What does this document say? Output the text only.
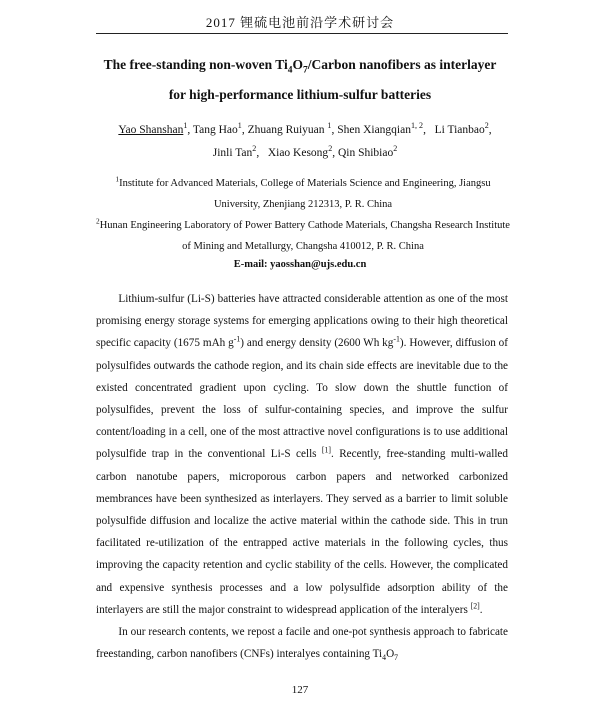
2017 锂硫电池前沿学术研讨会
The free-standing non-woven $Ti_4O_7$/Carbon nanofibers as interlayer
for high-performance lithium-sulfur batteries
Yao Shanshan$^1$, Tang Hao$^1$, Zhuang Ruiyuan $^1$, Shen Xiangqian$^{1, 2}$,   Li Tianbao$^2$,
Jinli Tan$^2$,   Xiao Kesong$^2$, Qin Shibiao$^2$
$^1$Institute for Advanced Materials, College of Materials Science and Engineering, Jiangsu
University, Zhenjiang 212313, P. R. China
$^2$Hunan Engineering Laboratory of Power Battery Cathode Materials, Changsha Research Institute
of Mining and Metallurgy, Changsha 410012, P. R. China
E-mail: yaosshan@ujs.edu.cn

Lithium-sulfur (Li-S) batteries have attracted considerable attention as one of the most promising energy storage systems for emerging applications owing to their high theoretical specific capacity (1675 mAh $g^{-1}$) and energy density (2600 Wh $kg^{-1}$). However, diffusion of polysulfides outwards the cathode region, and its chain side effects are inevitable due to the existed concentrated gradient upon cycling. To slow down the shuttle function of polysulfides, prevent the loss of sulfur-containing species, and improve the sulfur content/loading in a cell, one of the most attractive novel configurations is to use additional polysulfide trap in the conventional Li-S cells [1]. Recently, free-standing multi-walled carbon nanotube papers, microporous carbon papers and networked carbonized membrances have been synthesized as interlayers. They served as a barrier to limit soluble polysulfide diffusion and localize the active material within the cathode side. This in trun facilitated re-utilization of the entrapped active materials in the following cycles, thus improving the capacity retention and cyclic stability of the cells. However, the complicated and expensive synthesis processes and a low polysulfide adsorption ability of the interlayers are still the major constraint to widespread application of the interalyers [2].

In our research contents, we repost a facile and one-pot synthesis approach to fabricate freestanding, carbon nanofibers (CNFs) interalyes containing $Ti_4O_7$

127
